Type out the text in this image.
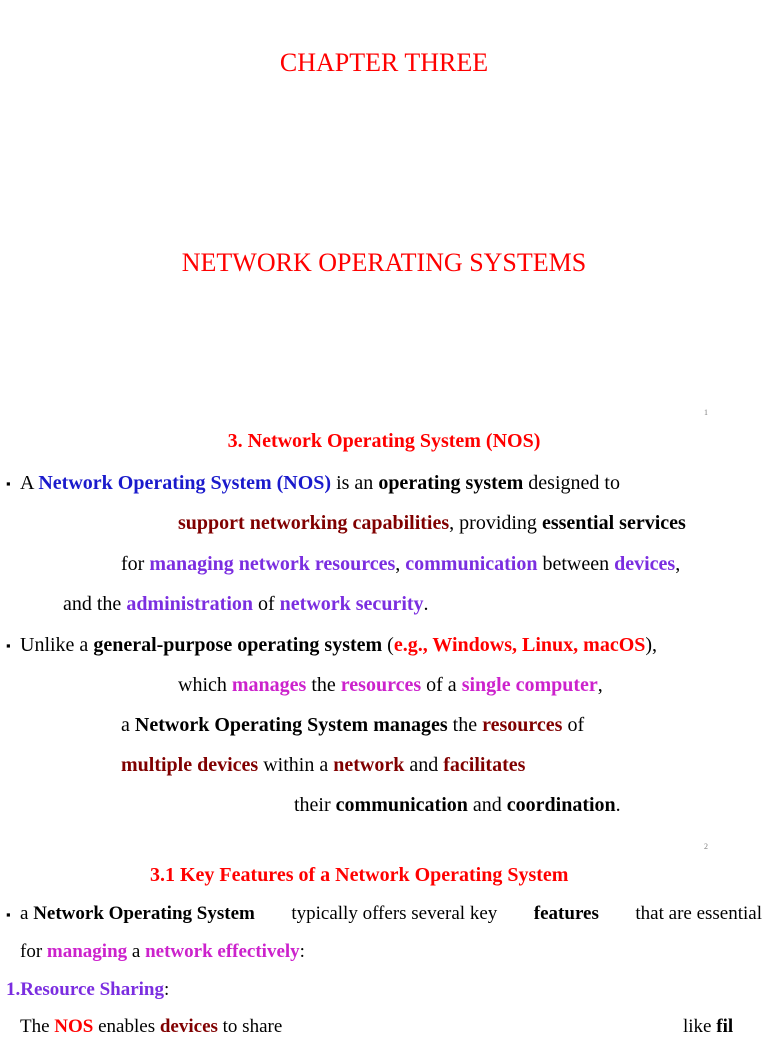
CHAPTER THREE
NETWORK OPERATING SYSTEMS
1
3. Network Operating System (NOS)
▪ A Network Operating System (NOS) is an operating system designed to
support networking capabilities, providing essential services
for managing network resources, communication between devices,
and the administration of network security.
▪ Unlike a general-purpose operating system (e.g., Windows, Linux, macOS),
which manages the resources of a single computer,
a Network Operating System manages the resources of
multiple devices within a network and facilitates
their communication and coordination.
2
3.1 Key Features of a Network Operating System
▪ a Network Operating System typically offers several key features that are essential
for managing a network effectively:
1.Resource Sharing:
The NOS enables devices to share	like fil
